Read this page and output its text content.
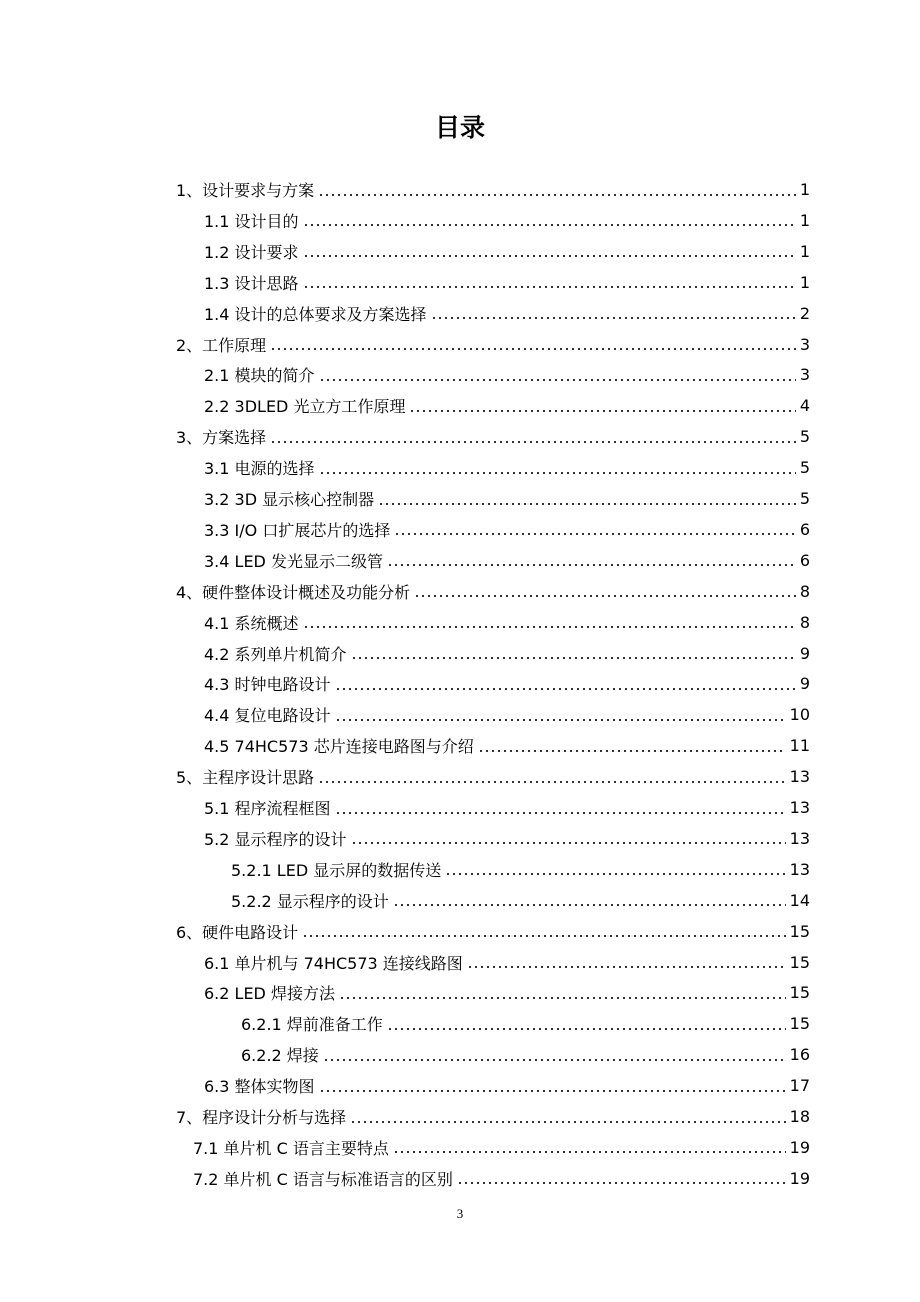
目录
1、设计要求与方案	1
1.1 设计目的	1
1.2 设计要求	1
1.3 设计思路	1
1.4 设计的总体要求及方案选择	2
2、工作原理	3
2.1 模块的简介	3
2.2 3DLED 光立方工作原理	4
3、方案选择	5
3.1 电源的选择	5
3.2 3D 显示核心控制器	5
3.3 I/O 口扩展芯片的选择	6
3.4 LED 发光显示二级管	6
4、硬件整体设计概述及功能分析	8
4.1 系统概述	8
4.2 系列单片机简介	9
4.3 时钟电路设计	9
4.4 复位电路设计	10
4.5 74HC573 芯片连接电路图与介绍	11
5、主程序设计思路	13
5.1 程序流程框图	13
5.2 显示程序的设计	13
5.2.1 LED 显示屏的数据传送	13
5.2.2 显示程序的设计	14
6、硬件电路设计	15
6.1 单片机与 74HC573 连接线路图	15
6.2 LED 焊接方法	15
6.2.1 焊前准备工作	15
6.2.2 焊接	16
6.3 整体实物图	17
7、程序设计分析与选择	18
7.1 单片机 C 语言主要特点	19
7.2 单片机 C 语言与标准语言的区别	19
3
